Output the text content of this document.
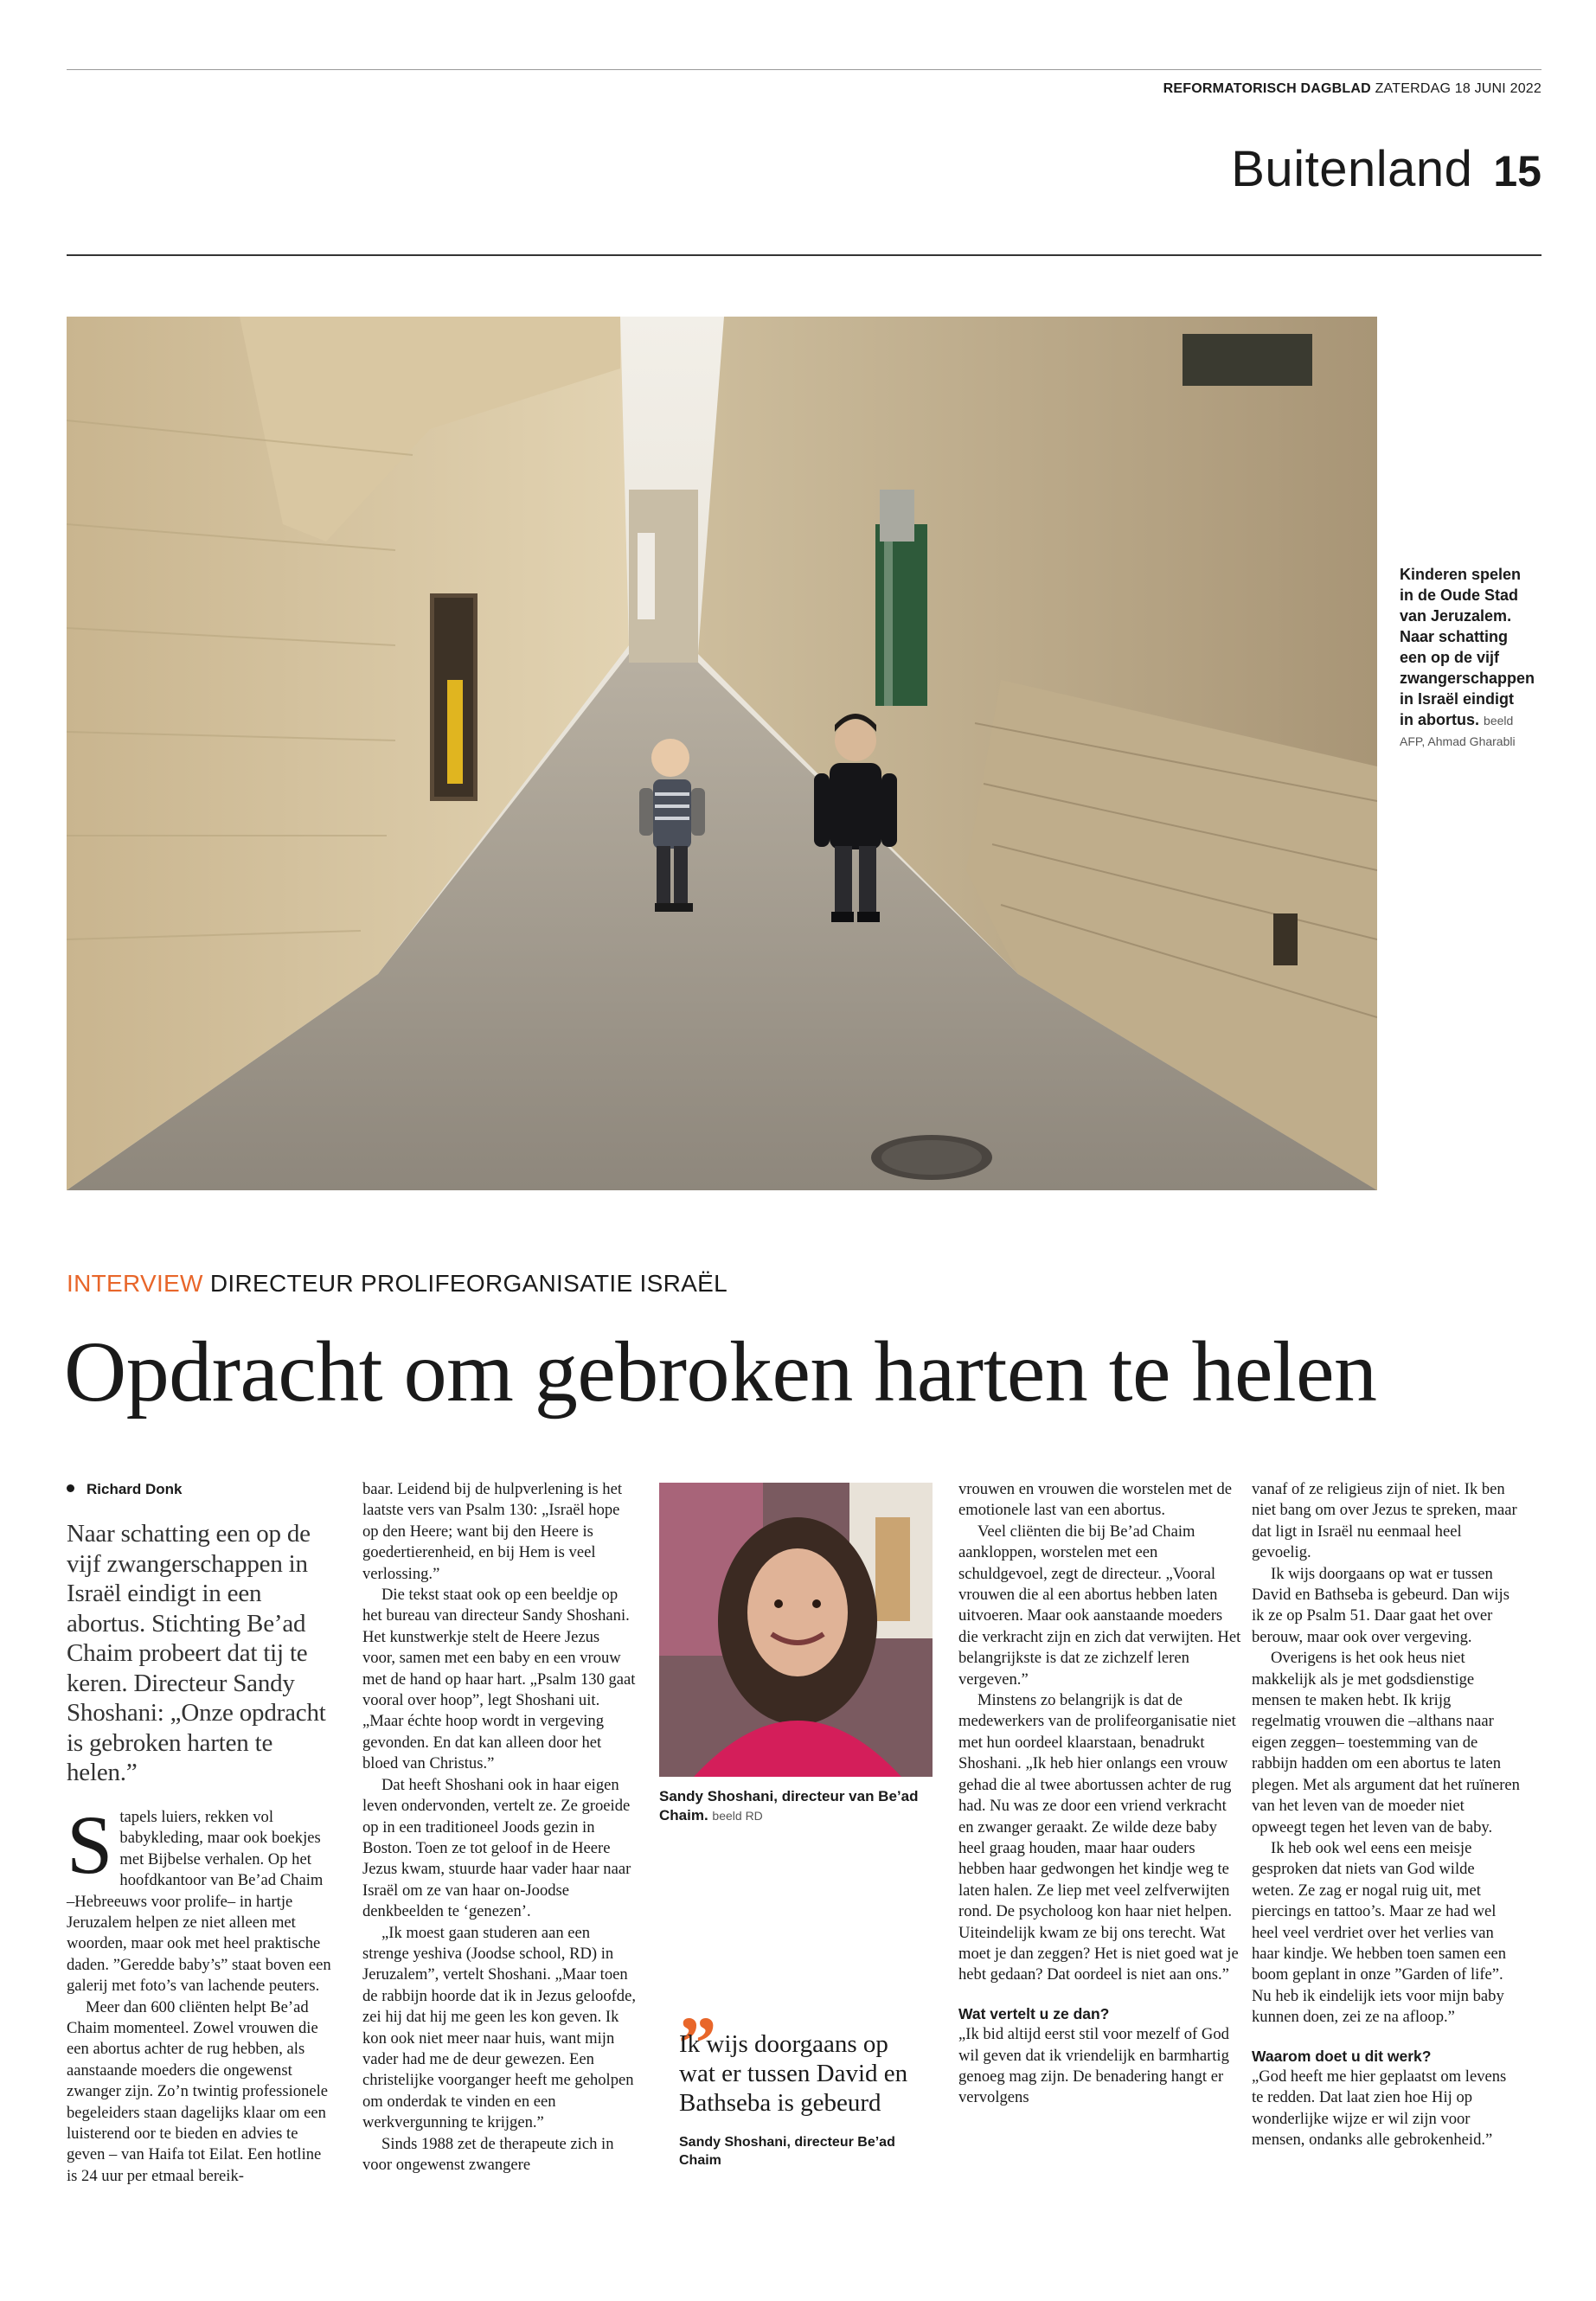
REFORMATORISCH DAGBLAD ZATERDAG 18 JUNI 2022
Buitenland 15
Kinderen spelen in de Oude Stad van Jeruzalem. Naar schatting een op de vijf zwangerschappen in Israël eindigt in abortus. beeld AFP, Ahmad Gharabli
INTERVIEW DIRECTEUR PROLIFEORGANISATIE ISRAËL
Opdracht om gebroken harten te helen
Richard Donk
Naar schatting een op de vijf zwangerschappen in Israël eindigt in een abortus. Stichting Be’ad Chaim probeert dat tij te keren. Directeur Sandy Shoshani: „Onze opdracht is gebroken harten te helen.”
S tapels luiers, rekken vol babykleding, maar ook boekjes met Bijbelse verhalen. Op het hoofdkantoor van Be’ad Chaim –Hebreeuws voor prolife– in hartje Jeruzalem helpen ze niet alleen met woorden, maar ook met heel praktische daden. ”Geredde baby’s” staat boven een galerij met foto’s van lachende peuters.

Meer dan 600 cliënten helpt Be’ad Chaim momenteel. Zowel vrouwen die een abortus achter de rug hebben, als aanstaande moeders die ongewenst zwanger zijn. Zo’n twintig professionele begeleiders staan dagelijks klaar om een luisterend oor te bieden en advies te geven – van Haifa tot Eilat. Een hotline is 24 uur per etmaal bereik-

baar. Leidend bij de hulpverlening is het laatste vers van Psalm 130: „Israël hope op den Heere; want bij den Heere is goedertierenheid, en bij Hem is veel verlossing.”

Die tekst staat ook op een beeldje op het bureau van directeur Sandy Shoshani. Het kunstwerkje stelt de Heere Jezus voor, samen met een baby en een vrouw met de hand op haar hart. „Psalm 130 gaat vooral over hoop”, legt Shoshani uit. „Maar échte hoop wordt in vergeving gevonden. En dat kan alleen door het bloed van Christus.”

Dat heeft Shoshani ook in haar eigen leven ondervonden, vertelt ze. Ze groeide op in een traditioneel Joods gezin in Boston. Toen ze tot geloof in de Heere Jezus kwam, stuurde haar vader haar naar Israël om ze van haar on-Joodse denkbeelden te ‘genezen’.

„Ik moest gaan studeren aan een strenge yeshiva (Joodse school, RD) in Jeruzalem”, vertelt Shoshani. „Maar toen de rabbijn hoorde dat ik in Jezus geloofde, zei hij dat hij me geen les kon geven. Ik kon ook niet meer naar huis, want mijn vader had me de deur gewezen. Een christelijke voorganger heeft me geholpen om onderdak te vinden en een werkvergunning te krijgen.”

Sinds 1988 zet de therapeute zich in voor ongewenst zwangere

Sandy Shoshani, directeur van Be’ad Chaim. beeld RD
„
Ik wijs doorgaans op wat er tussen David en Bathseba is gebeurd
Sandy Shoshani, directeur Be’ad Chaim

vrouwen en vrouwen die worstelen met de emotionele last van een abortus.

Veel cliënten die bij Be’ad Chaim aankloppen, worstelen met een schuldgevoel, zegt de directeur. „Vooral vrouwen die al een abortus hebben laten uitvoeren. Maar ook aanstaande moeders die verkracht zijn en zich dat verwijten. Het belangrijkste is dat ze zichzelf leren vergeven.”

Minstens zo belangrijk is dat de medewerkers van de prolifeorganisatie niet met hun oordeel klaarstaan, benadrukt Shoshani. „Ik heb hier onlangs een vrouw gehad die al twee abortussen achter de rug had. Nu was ze door een vriend verkracht en zwanger geraakt. Ze wilde deze baby heel graag houden, maar haar ouders hebben haar gedwongen het kindje weg te laten halen. Ze liep met veel zelfverwijten rond. De psycholoog kon haar niet helpen. Uiteindelijk kwam ze bij ons terecht. Wat moet je dan zeggen? Het is niet goed wat je hebt gedaan? Dat oordeel is niet aan ons.”

Wat vertelt u ze dan?

„Ik bid altijd eerst stil voor mezelf of God wil geven dat ik vriendelijk en barmhartig genoeg mag zijn. De benadering hangt er vervolgens

vanaf of ze religieus zijn of niet. Ik ben niet bang om over Jezus te spreken, maar dat ligt in Israël nu eenmaal heel gevoelig.

Ik wijs doorgaans op wat er tussen David en Bathseba is gebeurd. Dan wijs ik ze op Psalm 51. Daar gaat het over berouw, maar ook over vergeving.

Overigens is het ook heus niet makkelijk als je met godsdienstige mensen te maken hebt. Ik krijg regelmatig vrouwen die –althans naar eigen zeggen– toestemming van de rabbijn hadden om een abortus te laten plegen. Met als argument dat het ruïneren van het leven van de moeder niet opweegt tegen het leven van de baby.

Ik heb ook wel eens een meisje gesproken dat niets van God wilde weten. Ze zag er nogal ruig uit, met piercings en tattoo’s. Maar ze had wel heel veel verdriet over het verlies van haar kindje. We hebben toen samen een boom geplant in onze ”Garden of life”. Nu heb ik eindelijk iets voor mijn baby kunnen doen, zei ze na afloop.”

Waarom doet u dit werk?

„God heeft me hier geplaatst om levens te redden. Dat laat zien hoe Hij op wonderlijke wijze er wil zijn voor mensen, ondanks alle gebrokenheid.”
